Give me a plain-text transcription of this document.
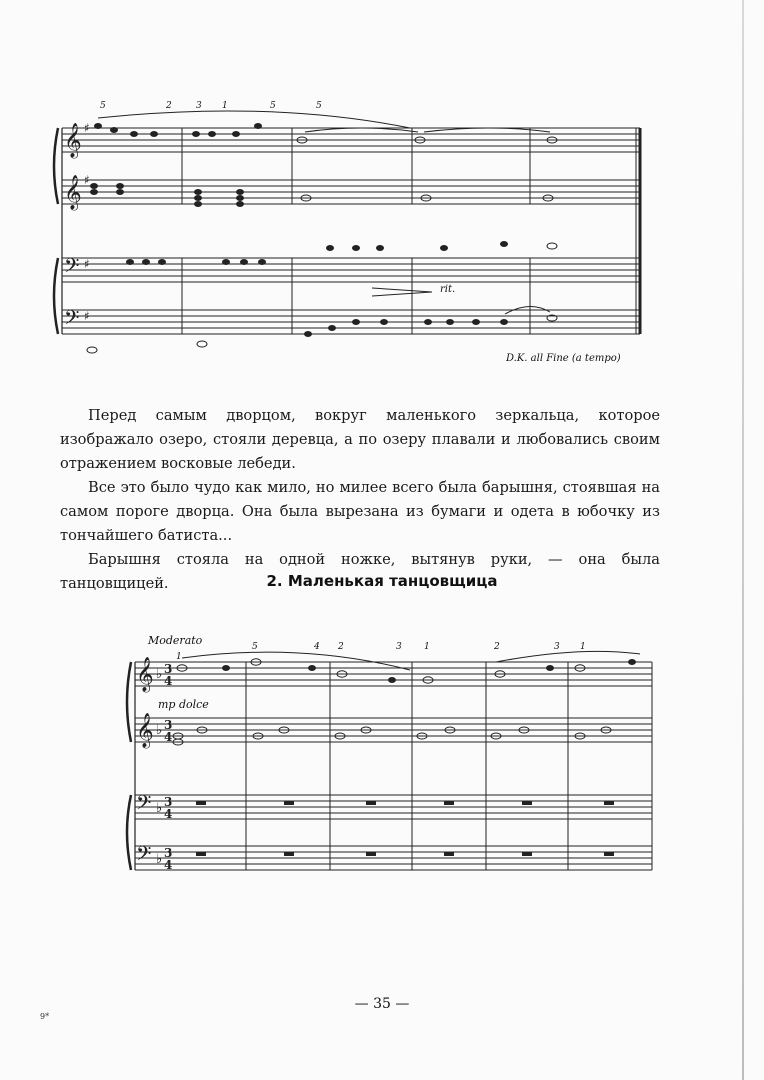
𝄞
𝄞
𝄢
𝄢
♯
♯
♯
♯
5	2	3 1	5	5
rit.
D.K. all Fine (a tempo)

Перед самым дворцом, вокруг маленького зеркальца, которое изображало озеро, стояли деревца, а по озеру плавали и любовались своим отражением восковые лебеди.

Все это было чудо как мило, но милее всего была барышня, стоявшая на самом пороге дворца. Она была вырезана из бумаги и одета в юбочку из тончайшего батиста...

Барышня стояла на одной ножке, вытянув руки, — она была танцовщицей.	2. Маленькая танцовщица
Moderato
mp dolce
𝄞
𝄞
𝄢
𝄢
♭
♭
♭
♭
3
4
3
4
3
4
3
4
1
5	4 2	3 1	2	3 1
— 35 —
9*
